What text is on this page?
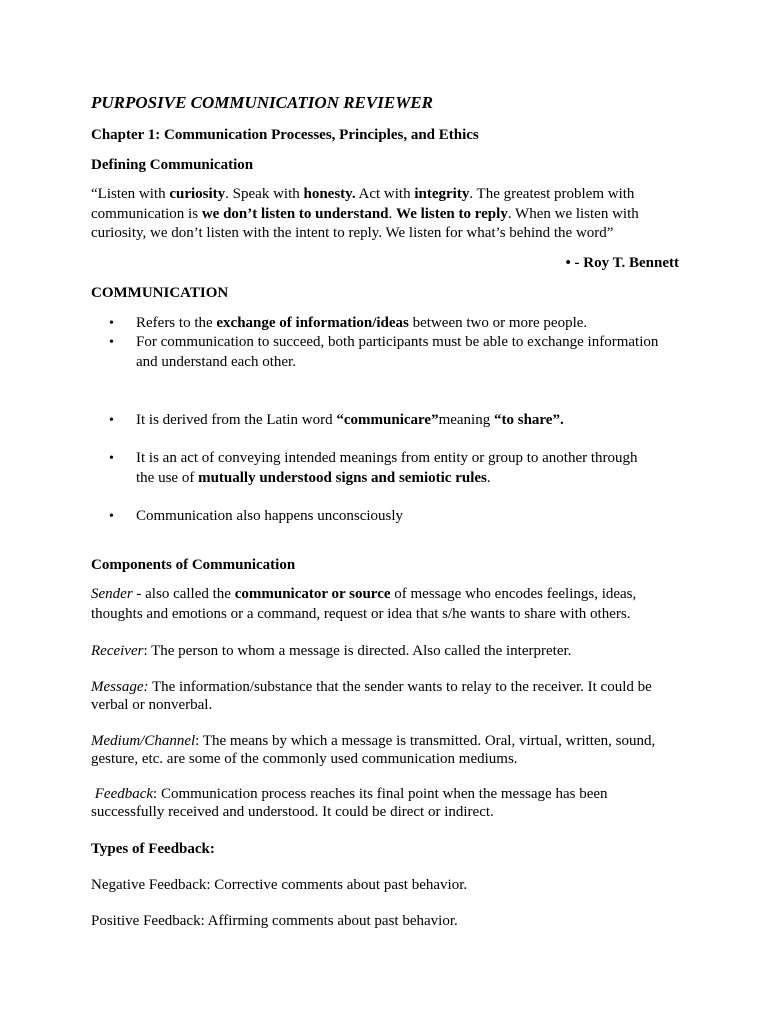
PURPOSIVE COMMUNICATION REVIEWER
Chapter 1: Communication Processes, Principles, and Ethics
Defining Communication
“Listen with curiosity. Speak with honesty. Act with integrity. The greatest problem with communication is we don’t listen to understand. We listen to reply. When we listen with curiosity, we don’t listen with the intent to reply. We listen for what’s behind the word”
• - Roy T. Bennett
COMMUNICATION
• Refers to the exchange of information/ideas between two or more people.
• For communication to succeed, both participants must be able to exchange information and understand each other.
• It is derived from the Latin word “communicare”meaning “to share”.
• It is an act of conveying intended meanings from entity or group to another through the use of mutually understood signs and semiotic rules.
• Communication also happens unconsciously
Components of Communication
Sender - also called the communicator or source of message who encodes feelings, ideas, thoughts and emotions or a command, request or idea that s/he wants to share with others.
Receiver: The person to whom a message is directed. Also called the interpreter.
Message: The information/substance that the sender wants to relay to the receiver. It could be verbal or nonverbal.
Medium/Channel: The means by which a message is transmitted. Oral, virtual, written, sound, gesture, etc. are some of the commonly used communication mediums.
Feedback: Communication process reaches its final point when the message has been successfully received and understood. It could be direct or indirect.
Types of Feedback:
Negative Feedback: Corrective comments about past behavior.
Positive Feedback: Affirming comments about past behavior.
